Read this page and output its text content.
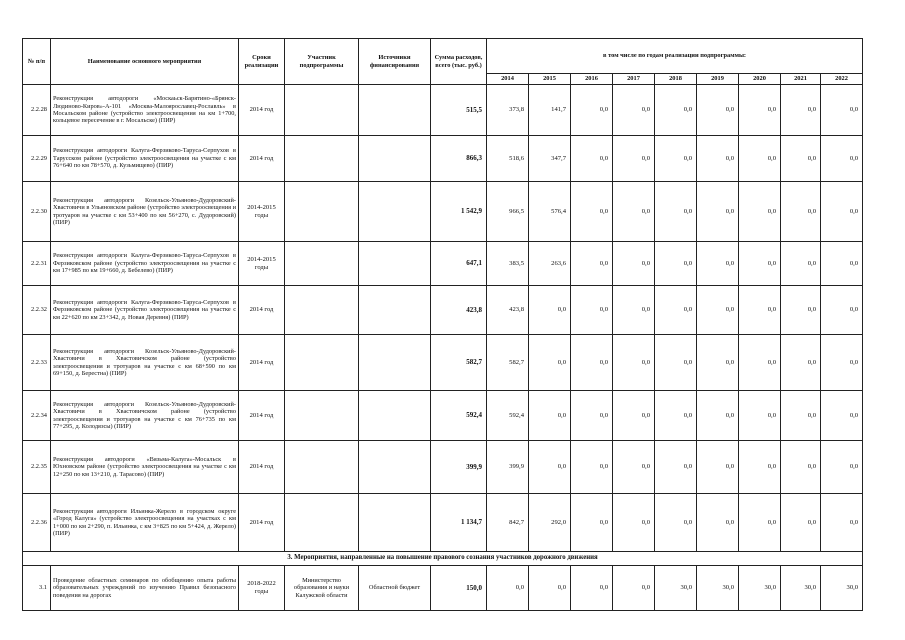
№ п/п	Наименование основного мероприятия	Сроки реализации	Участник подпрограммы	Источники финансирования	Сумма расходов, всего (тыс. руб.)	в том числе по годам реализации подпрограммы:								
						2014	2015	2016	2017	2018	2019	2020	2021	2022
2.2.28	Реконструкция автодороги «Москаьск-Барятино-«Брянск-Людиново-Киров»-А-101 «Москва-Малоярославец-Рославль» в Мосальском районе (устройство электроосвещения на км 1+700, кольцевое пересечение в г. Мосальске) (ПИР)	2014 год			515,5	373,8	141,7	0,0	0,0	0,0	0,0	0,0	0,0	0,0
2.2.29	Реконструкция автодороги Калуга-Ферзиково-Таруса-Серпухов в Тарусском районе (устройство электроосвещения на участке с км 76+640 по км 78+570, д. Кузьмищево) (ПИР)	2014 год			866,3	518,6	347,7	0,0	0,0	0,0	0,0	0,0	0,0	0,0
2.2.30	Реконструкция автодороги Козельск-Ульяново-Дудоровский-Хвастовичи в Ульяновском районе (устройство электроосвещения и тротуаров на участке с км 53+400 по км 56+270, с. Дудоровский) (ПИР)	2014-2015 годы			1 542,9	966,5	576,4	0,0	0,0	0,0	0,0	0,0	0,0	0,0
2.2.31	Реконструкция автодороги Калуга-Ферзиково-Таруса-Серпухов в Ферзиковском районе (устройство электроосвещения на участке с км 17+985 по км 19+660, д. Бебелево) (ПИР)	2014-2015 годы			647,1	383,5	263,6	0,0	0,0	0,0	0,0	0,0	0,0	0,0
2.2.32	Реконструкция автодороги Калуга-Ферзиково-Таруса-Серпухов в Ферзиковском районе (устройство электроосвещения на участке с км 22+620 по км 23+342, д. Новая Деревня) (ПИР)	2014 год			423,8	423,8	0,0	0,0	0,0	0,0	0,0	0,0	0,0	0,0
2.2.33	Реконструкция автодороги Козельск-Ульяново-Дудоровский-Хвастовичи в Хвастовичском районе (устройство электроосвещения и тротуаров на участке с км 68+590 по км 69+150, д. Берестна) (ПИР)	2014 год			582,7	582,7	0,0	0,0	0,0	0,0	0,0	0,0	0,0	0,0
2.2.34	Реконструкция автодороги Козельск-Ульяново-Дудоровский-Хвастовичи в Хвастовичском районе (устройство электроосвещения и тротуаров на участке с км 76+735 по км 77+295, д. Колодязсы) (ПИР)	2014 год			592,4	592,4	0,0	0,0	0,0	0,0	0,0	0,0	0,0	0,0
2.2.35	Реконструкция автодороги «Вязьма-Калуга»-Мосальск в Юхновском районе (устройство электроосвещения на участке с км 12+250 по км 13+210, д. Тарасово) (ПИР)	2014 год			399,9	399,9	0,0	0,0	0,0	0,0	0,0	0,0	0,0	0,0
2.2.36	Реконструкция автодороги Ильинка-Жерело в городском округе «Город Калуга» (устройство электроосвещения на участках с км 1+000 по км 2+290, п. Ильинка, с км 3+825 по км 5+424, д. Жерело) (ПИР)	2014 год			1 134,7	842,7	292,0	0,0	0,0	0,0	0,0	0,0	0,0	0,0
3. Мероприятия, направленные на повышение правового сознания участников дорожного движения														
3.1	Проведение областных семинаров по обобщению опыта работы образовательных учреждений по изучению Правил безопасного поведения на дорогах	2018-2022 годы	Министерство образования и науки Калужской области	Областной бюджет	150,0	0,0	0,0	0,0	0,0	30,0	30,0	30,0	30,0	30,0
